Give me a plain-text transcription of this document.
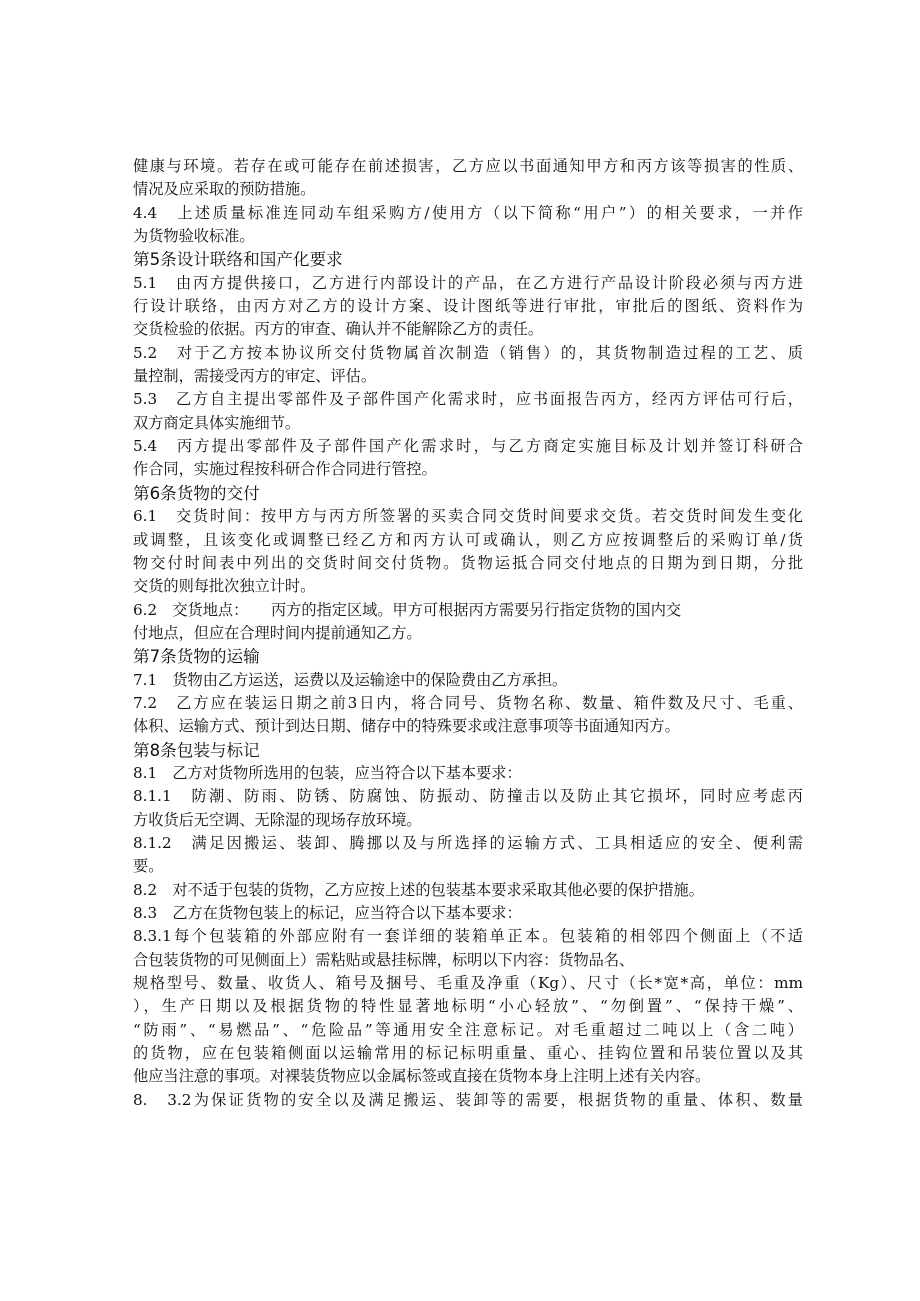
健康与环境。若存在或可能存在前述损害，乙方应以书面通知甲方和丙方该等损害的性质、
情况及应采取的预防措施。
4.4　上述质量标准连同动车组采购方/使用方（以下简称“用户”）的相关要求，一并作
为货物验收标准。
第5条设计联络和国产化要求
5.1　由丙方提供接口，乙方进行内部设计的产品，在乙方进行产品设计阶段必须与丙方进
行设计联络，由丙方对乙方的设计方案、设计图纸等进行审批，审批后的图纸、资料作为
交货检验的依据。丙方的审查、确认并不能解除乙方的责任。
5.2　对于乙方按本协议所交付货物属首次制造（销售）的，其货物制造过程的工艺、质
量控制，需接受丙方的审定、评估。
5.3　乙方自主提出零部件及子部件国产化需求时，应书面报告丙方，经丙方评估可行后，
双方商定具体实施细节。
5.4　丙方提出零部件及子部件国产化需求时，与乙方商定实施目标及计划并签订科研合
作合同，实施过程按科研合作合同进行管控。
第6条货物的交付
6.1　交货时间：按甲方与丙方所签署的买卖合同交货时间要求交货。若交货时间发生变化
或调整，且该变化或调整已经乙方和丙方认可或确认，则乙方应按调整后的采购订单/货
物交付时间表中列出的交货时间交付货物。货物运抵合同交付地点的日期为到日期，分批
交货的则每批次独立计时。
6.2　交货地点：　　丙方的指定区域。甲方可根据丙方需要另行指定货物的国内交
付地点，但应在合理时间内提前通知乙方。
第7条货物的运输
7.1　货物由乙方运送，运费以及运输途中的保险费由乙方承担。
7.2　乙方应在装运日期之前3日内，将合同号、货物名称、数量、箱件数及尺寸、毛重、
体积、运输方式、预计到达日期、储存中的特殊要求或注意事项等书面通知丙方。
第8条包装与标记
8.1　乙方对货物所选用的包装，应当符合以下基本要求：
8.1.1　防潮、防雨、防锈、防腐蚀、防振动、防撞击以及防止其它损坏，同时应考虑丙
方收货后无空调、无除湿的现场存放环境。
8.1.2　满足因搬运、装卸、腾挪以及与所选择的运输方式、工具相适应的安全、便利需
要。
8.2　对不适于包装的货物，乙方应按上述的包装基本要求采取其他必要的保护措施。
8.3　乙方在货物包装上的标记，应当符合以下基本要求：
8.3.1每个包装箱的外部应附有一套详细的装箱单正本。包装箱的相邻四个侧面上（不适
合包装货物的可见侧面上）需粘贴或悬挂标牌，标明以下内容：货物品名、
规格型号、数量、收货人、箱号及捆号、毛重及净重（Kg）、尺寸（长*宽*高，单位：mm
），生产日期以及根据货物的特性显著地标明“小心轻放”、“勿倒置”、“保持干燥”、
“防雨”、“易燃品”、“危险品”等通用安全注意标记。对毛重超过二吨以上（含二吨）
的货物，应在包装箱侧面以运输常用的标记标明重量、重心、挂钩位置和吊装位置以及其
他应当注意的事项。对裸装货物应以金属标签或直接在货物本身上注明上述有关内容。
8.　3.2为保证货物的安全以及满足搬运、装卸等的需要，根据货物的重量、体积、数量
